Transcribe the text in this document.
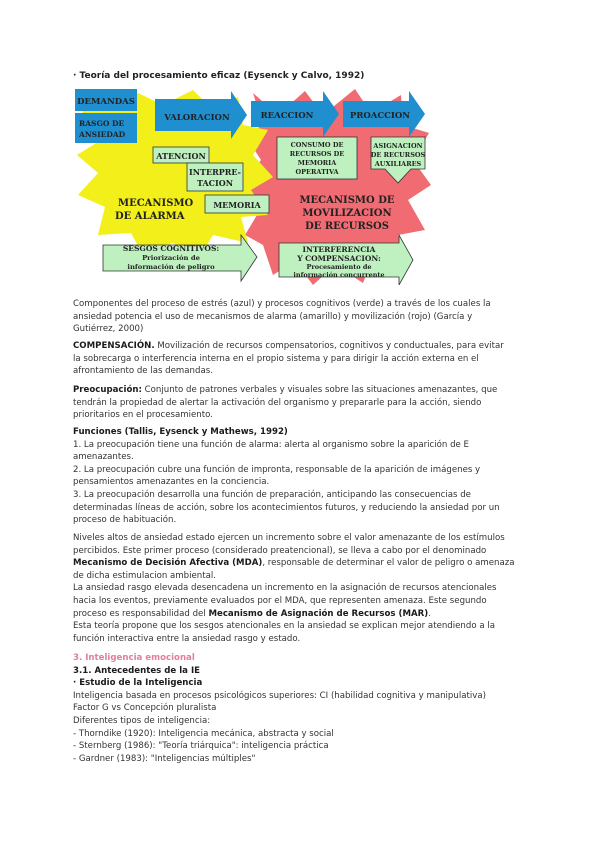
· Teoría del procesamiento eficaz (Eysenck y Calvo, 1992)
DEMANDAS
RASGO DE
ANSIEDAD
VALORACION	REACCION	PROACCION
ATENCION
INTERPRE-
TACION
MEMORIA
MECANISMO
DE ALARMA
CONSUMO DE
RECURSOS DE
MEMORIA
OPERATIVA
ASIGNACION
DE RECURSOS
AUXILIARES
MECANISMO DE
MOVILIZACION
DE RECURSOS
SESGOS COGNITIVOS:
Priorización de
información de peligro
INTERFERENCIA
Y COMPENSACION:
Procesamiento de
información concurrente
Componentes del proceso de estrés (azul) y procesos cognitivos (verde) a través de los cuales la
ansiedad potencia el uso de mecanismos de alarma (amarillo) y movilización (rojo) (García y
Gutiérrez, 2000)
COMPENSACIÓN. Movilización de recursos compensatorios, cognitivos y conductuales, para evitar
la sobrecarga o interferencia interna en el propio sistema y para dirigir la acción externa en el
afrontamiento de las demandas.
Preocupación: Conjunto de patrones verbales y visuales sobre las situaciones amenazantes, que
tendrán la propiedad de alertar la activación del organismo y prepararle para la acción, siendo
prioritarios en el procesamiento.
Funciones (Tallis, Eysenck y Mathews, 1992)
1. La preocupación tiene una función de alarma: alerta al organismo sobre la aparición de E
amenazantes.
2. La preocupación cubre una función de impronta, responsable de la aparición de imágenes y
pensamientos amenazantes en la conciencia.
3. La preocupación desarrolla una función de preparación, anticipando las consecuencias de
determinadas líneas de acción, sobre los acontecimientos futuros, y reduciendo la ansiedad por un
proceso de habituación.
Niveles altos de ansiedad estado ejercen un incremento sobre el valor amenazante de los estímulos
percibidos. Este primer proceso (considerado preatencional), se lleva a cabo por el denominado
Mecanismo de Decisión Afectiva (MDA), responsable de determinar el valor de peligro o amenaza
de dicha estimulacion ambiental.
La ansiedad rasgo elevada desencadena un incremento en la asignación de recursos atencionales
hacia los eventos, previamente evaluados por el MDA, que representen amenaza. Este segundo
proceso es responsabilidad del Mecanismo de Asignación de Recursos (MAR).
Esta teoría propone que los sesgos atencionales en la ansiedad se explican mejor atendiendo a la
función interactiva entre la ansiedad rasgo y estado.
3. Inteligencia emocional
3.1. Antecedentes de la IE
· Estudio de la Inteligencia
Inteligencia basada en procesos psicológicos superiores: CI (habilidad cognitiva y manipulativa)
Factor G vs Concepción pluralista
Diferentes tipos de inteligencia:
- Thorndike (1920): Inteligencia mecánica, abstracta y social
- Sternberg (1986): "Teoría triárquica": inteligencia práctica
- Gardner (1983): "Inteligencias múltiples"
